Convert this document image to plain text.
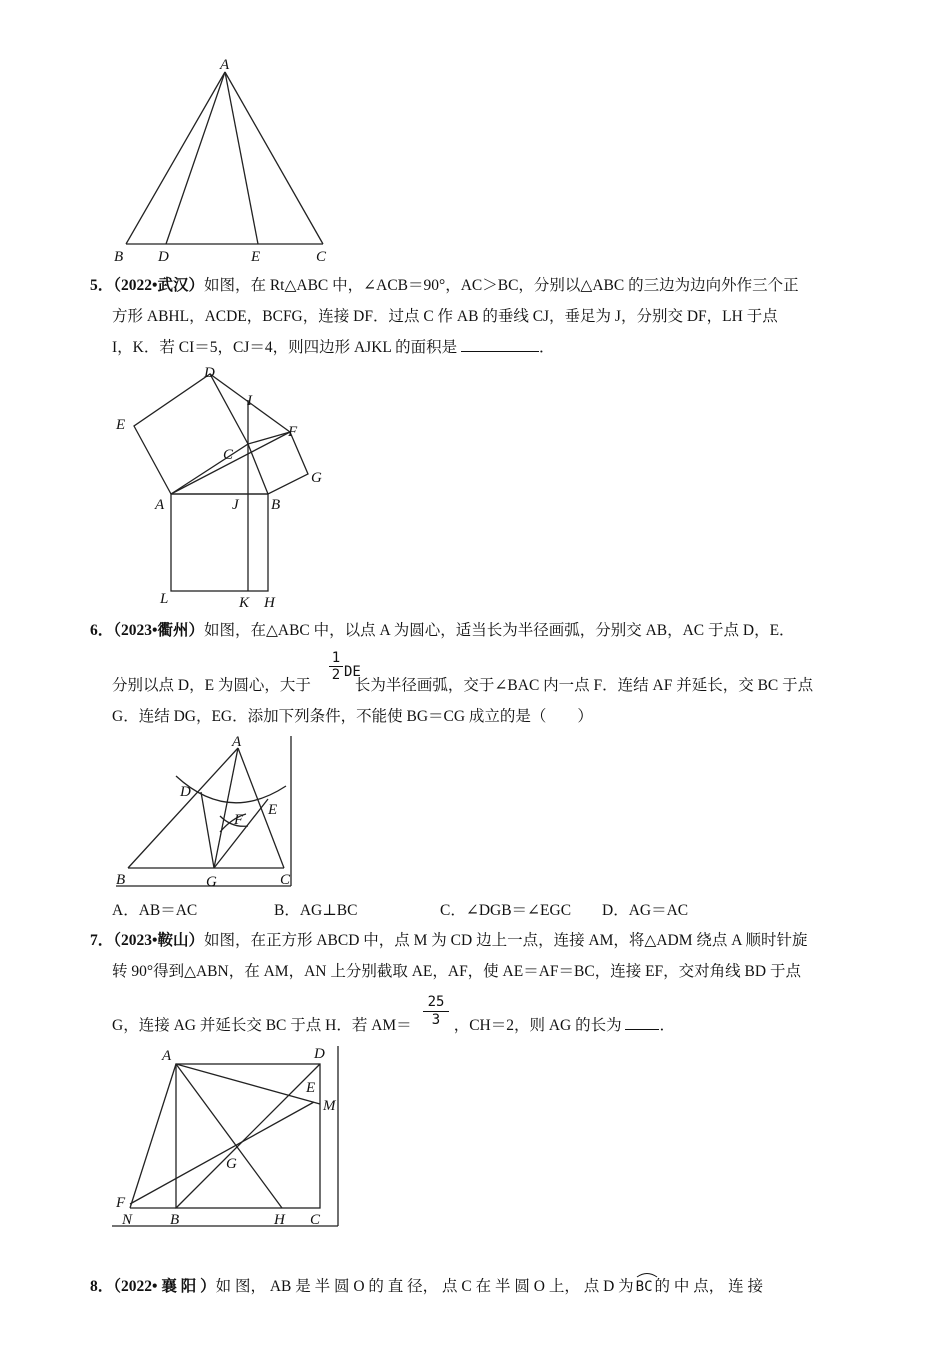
A
B D	E	C
5．（2022•武汉）如图，在 Rt△ABC 中，∠ACB＝90°，AC＞BC，分别以△ABC 的三边为边向外作三个正
方形 ABHL，ACDE，BCFG，连接 DF．过点 C 作 AB 的垂线 CJ，垂足为 J，分别交 DF，LH 于点
I，K．若 CI＝5，CJ＝4，则四边形 AJKL 的面积是	．
D
I
E	F
C
G
A	J B
L	K H
6．（2023•衢州）如图，在△ABC 中，以点 A 为圆心，适当长为半径画弧，分别交 AB，AC 于点 D，E．
分别以点 D，E 为圆心，大于	长为半径画弧，交于∠BAC 内一点 F．连结 AF 并延长，交 BC 于点
1
2 DE
G．连结 DG，EG．添加下列条件，不能使 BG＝CG 成立的是（　　）
A
D
E
F
B	G	C
A．AB＝AC	B．AG⊥BC	C．∠DGB＝∠EGC D．AG＝AC
7．（2023•鞍山）如图，在正方形 ABCD 中，点 M 为 CD 边上一点，连接 AM，将△ADM 绕点 A 顺时针旋
转 90°得到△ABN，在 AM，AN 上分别截取 AE，AF，使 AE＝AF＝BC，连接 EF，交对角线 BD 于点
25
3
G，连接 AG 并延长交 BC 于点 H．若 AM＝	，CH＝2，则 AG 的长为 ．
A	D
E
M
G
F
N	B	H C
8．（2022• 襄 阳 ）如 图， AB 是 半 圆 O 的 直 径， 点 C 在 半 圆 O 上， 点 D 为 BC 的 中 点， 连 接
